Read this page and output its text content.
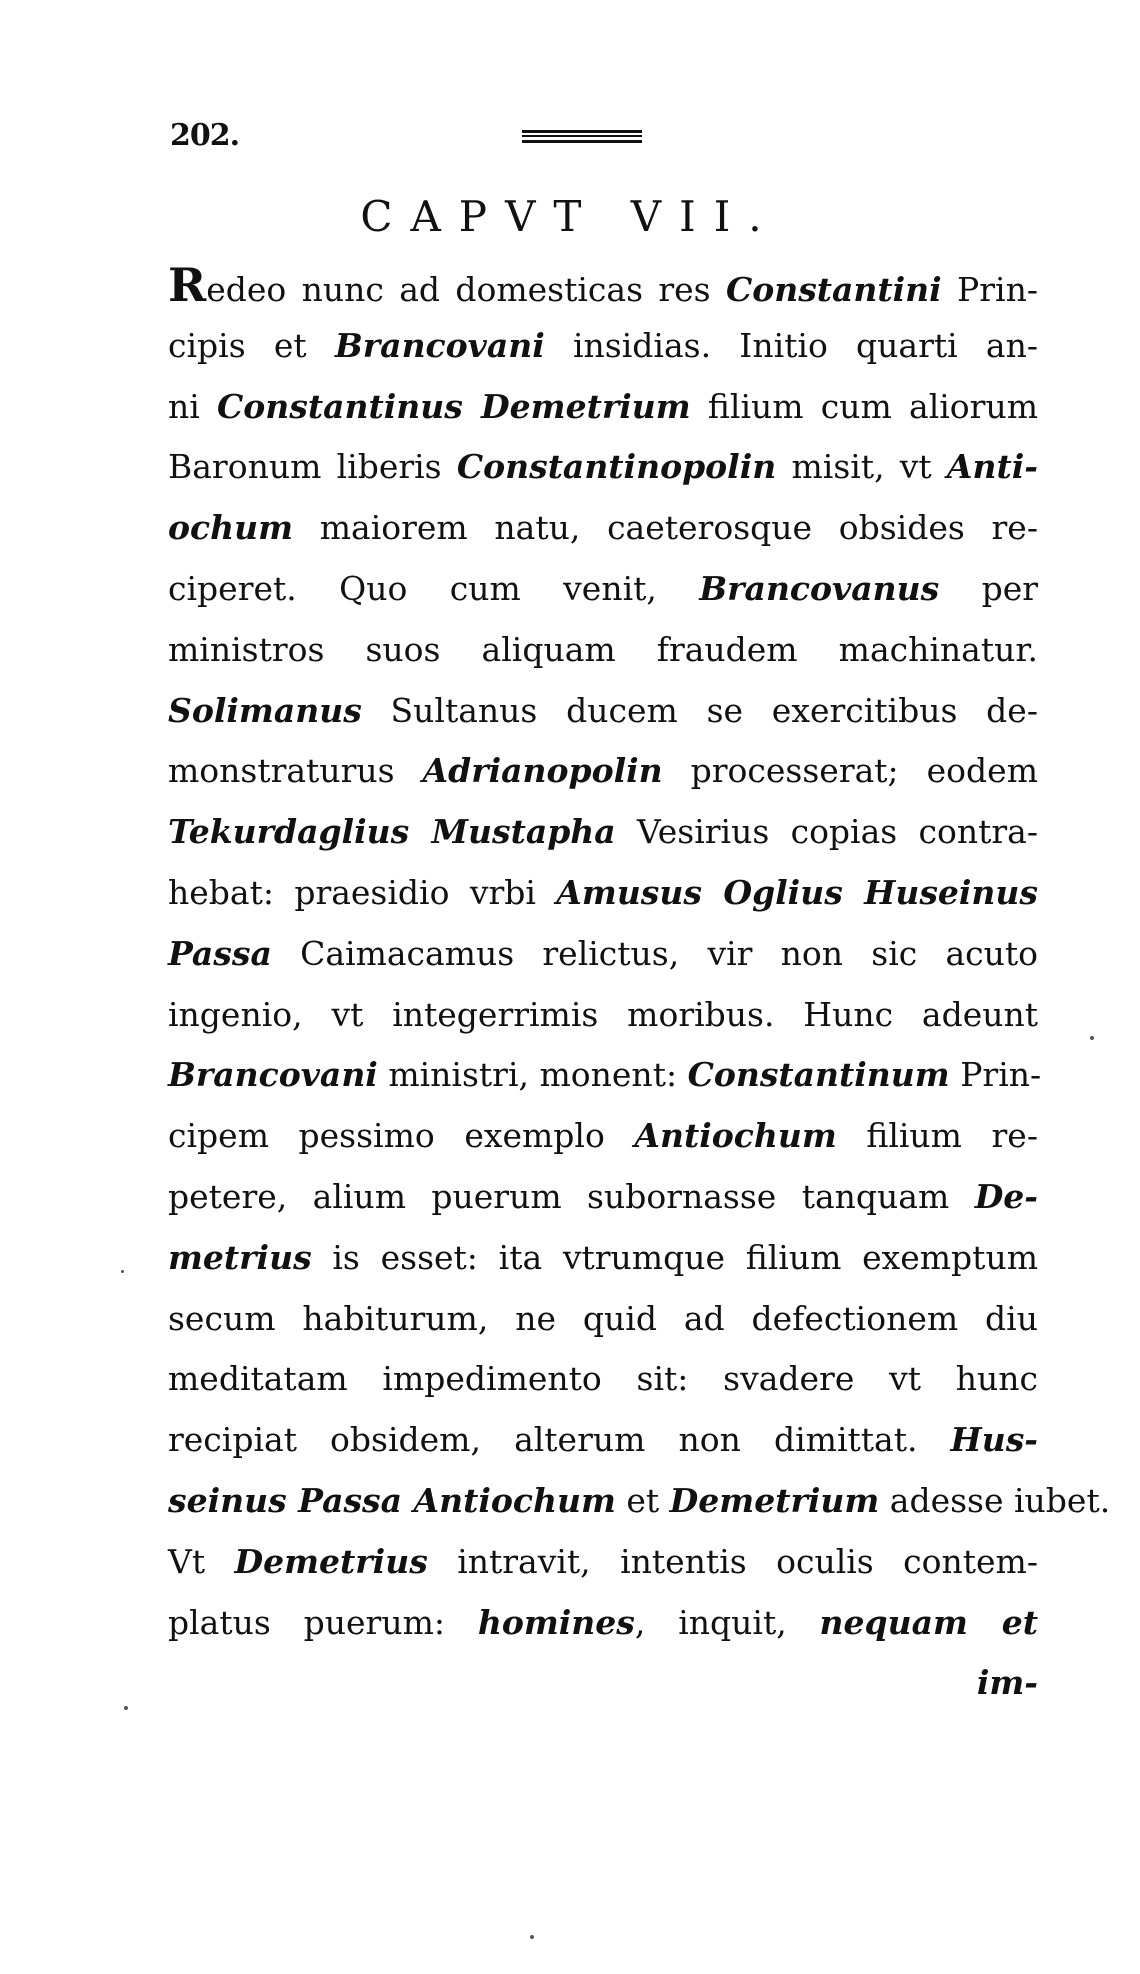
202.
CAPVT VII.
Redeo nunc ad domesticas res Constantini Prin-
cipis et Brancovani insidias. Initio quarti an-
ni Constantinus Demetrium filium cum aliorum
Baronum liberis Constantinopolin misit, vt Anti-
ochum maiorem natu, caeterosque obsides re-
ciperet. Quo cum venit, Brancovanus per
ministros suos aliquam fraudem machinatur.
Solimanus Sultanus ducem se exercitibus de-
monstraturus Adrianopolin processerat; eodem
Tekurdaglius Mustapha Vesirius copias contra-
hebat: praesidio vrbi Amusus Oglius Huseinus
Passa Caimacamus relictus, vir non sic acuto
ingenio, vt integerrimis moribus. Hunc adeunt
Brancovani ministri, monent: Constantinum Prin-
cipem pessimo exemplo Antiochum filium re-
petere, alium puerum subornasse tanquam De-
metrius is esset: ita vtrumque filium exemptum
secum habiturum, ne quid ad defectionem diu
meditatam impedimento sit: svadere vt hunc
recipiat obsidem, alterum non dimittat. Hus-
seinus Passa Antiochum et Demetrium adesse iubet.
Vt Demetrius intravit, intentis oculis contem-
platus puerum: homines, inquit, nequam et
im-
